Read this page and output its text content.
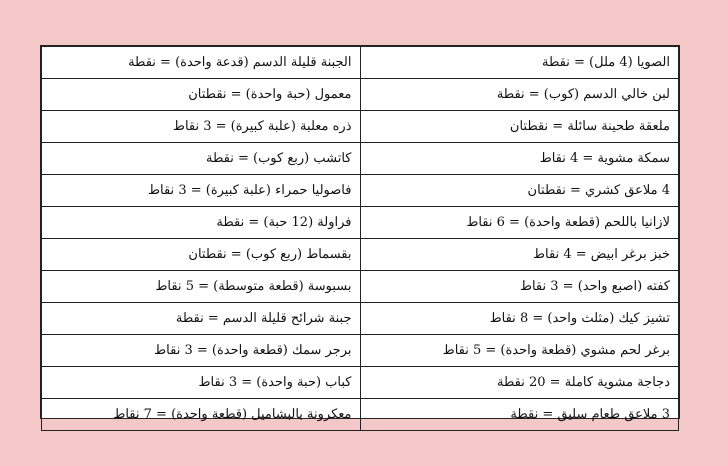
الجبنة قليلة الدسم (قدعة واحدة) = نقطة	الصويا (4 ملل) = نقطة
معمول (حبة واحدة) = نقطتان	لبن خالي الدسم (كوب) = نقطة
ذره معلبة (علبة كبيرة) = 3 نقاط	ملعقة طحينة سائلة = نقطتان
كاتشب (ربع كوب) = نقطة	سمكة مشوية = 4 نقاط
فاصوليا حمراء (علبة كبيرة) = 3 نقاط	4 ملاعق كشري = نقطتان
فراولة (12 حبة) = نقطة	لازانيا باللحم (قطعة واحدة) = 6 نقاط
بقسماط (ربع كوب) = نقطتان	خبز برغر ابيض = 4 نقاط
بسبوسة (قطعة متوسطة) = 5 نقاط	كفته (اصبع واحد) = 3 نقاط
جبنة شرائح قليلة الدسم = نقطة	تشيز كيك (مثلث واحد) = 8 نقاط
برجر سمك (قطعة واحدة) = 3 نقاط	برغر لحم مشوي (قطعة واحدة) = 5 نقاط
كباب (حبة واحدة) = 3 نقاط	دجاجة مشوية كاملة = 20 نقطة
معكرونة بالبشاميل (قطعة واحدة) = 7 نقاط	3 ملاعق طعام سليق = نقطة
